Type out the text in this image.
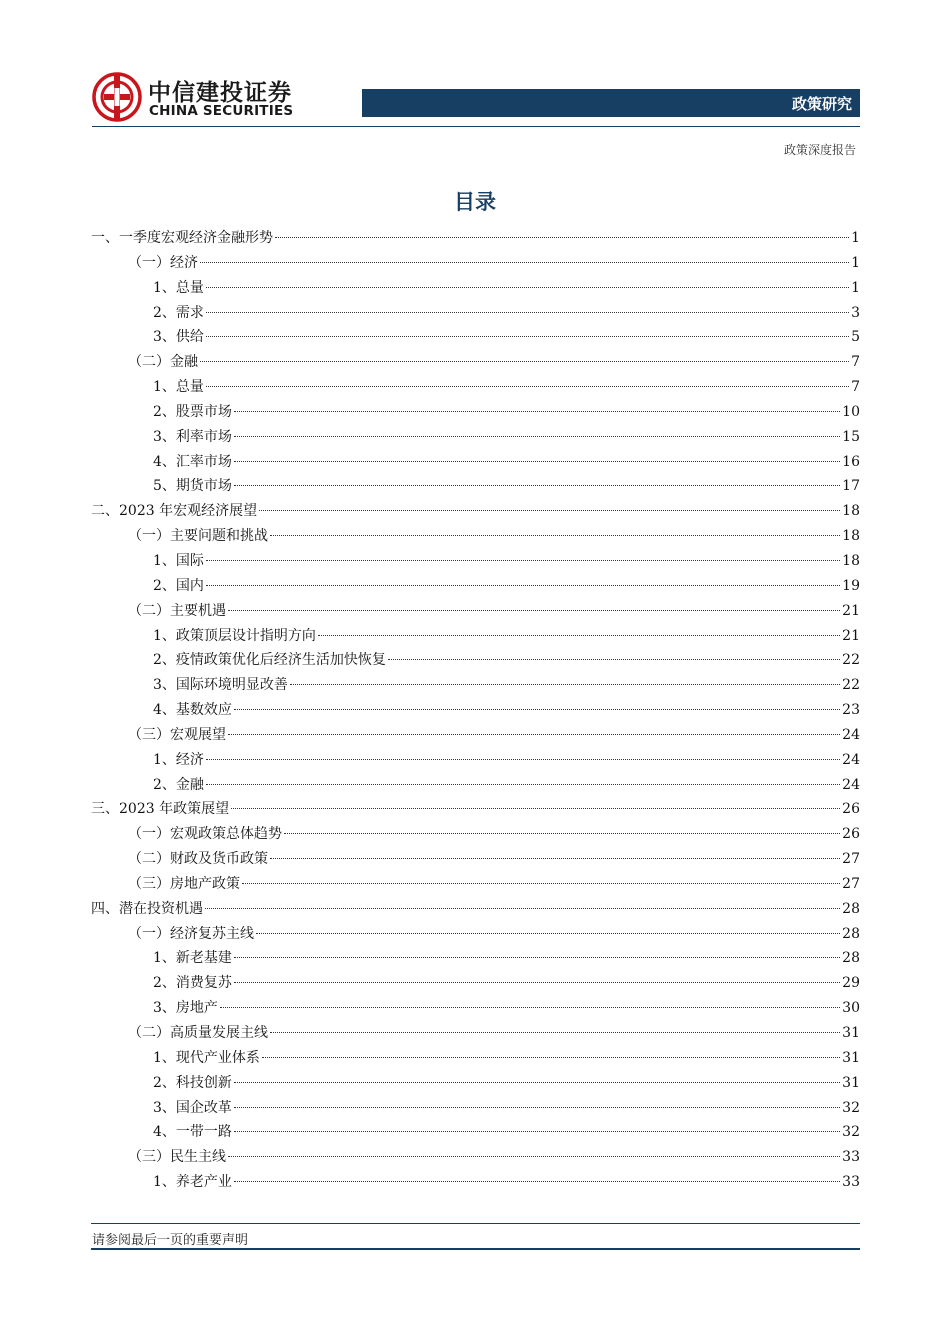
中信建投证券
CHINA SECURITIES	政策研究
政策深度报告
目录
一、一季度宏观经济金融形势	1
（一）经济	1
1、总量	1
2、需求	3
3、供给	5
（二）金融	7
1、总量	7
2、股票市场	10
3、利率市场	15
4、汇率市场	16
5、期货市场	17
二、2023 年宏观经济展望	18
（一）主要问题和挑战	18
1、国际	18
2、国内	19
（二）主要机遇	21
1、政策顶层设计指明方向	21
2、疫情政策优化后经济生活加快恢复	22
3、国际环境明显改善	22
4、基数效应	23
（三）宏观展望	24
1、经济	24
2、金融	24
三、2023 年政策展望	26
（一）宏观政策总体趋势	26
（二）财政及货币政策	27
（三）房地产政策	27
四、潜在投资机遇	28
（一）经济复苏主线	28
1、新老基建	28
2、消费复苏	29
3、房地产	30
（二）高质量发展主线	31
1、现代产业体系	31
2、科技创新	31
3、国企改革	32
4、一带一路	32
（三）民生主线	33
1、养老产业	33
请参阅最后一页的重要声明
